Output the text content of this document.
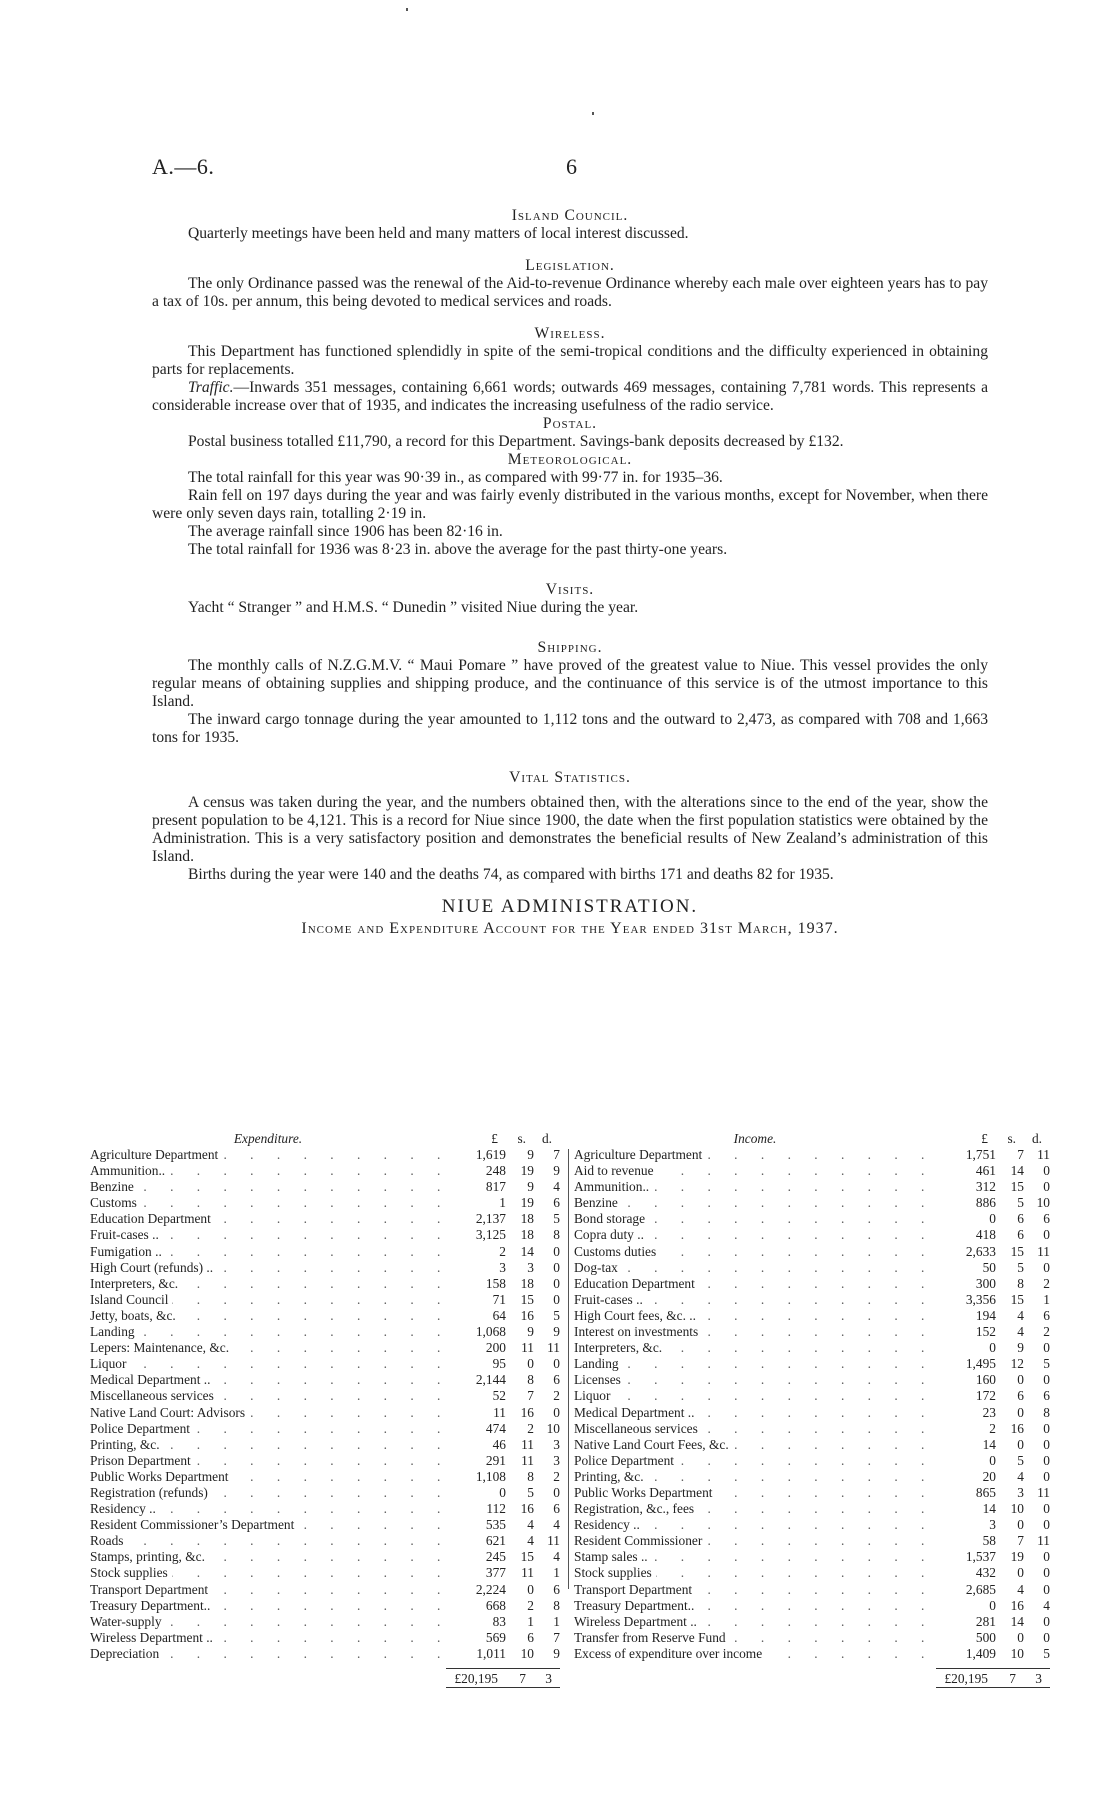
A.—6.	6

Island Council.

Quarterly meetings have been held and many matters of local interest discussed.

Legislation.

The only Ordinance passed was the renewal of the Aid-to-revenue Ordinance whereby each male over eighteen years has to pay a tax of 10s. per annum, this being devoted to medical services and roads.

Wireless.

This Department has functioned splendidly in spite of the semi-tropical conditions and the difficulty experienced in obtaining parts for replacements.

Traffic.—Inwards 351 messages, containing 6,661 words; outwards 469 messages, containing 7,781 words. This represents a considerable increase over that of 1935, and indicates the increasing usefulness of the radio service.

Postal.

Postal business totalled £11,790, a record for this Department. Savings-bank deposits decreased by £132.

Meteorological.

The total rainfall for this year was 90·39 in., as compared with 99·77 in. for 1935–36.

Rain fell on 197 days during the year and was fairly evenly distributed in the various months, except for November, when there were only seven days rain, totalling 2·19 in.

The average rainfall since 1906 has been 82·16 in.

The total rainfall for 1936 was 8·23 in. above the average for the past thirty-one years.

Visits.

Yacht “ Stranger ” and H.M.S. “ Dunedin ” visited Niue during the year.

Shipping.

The monthly calls of N.Z.G.M.V. “ Maui Pomare ” have proved of the greatest value to Niue. This vessel provides the only regular means of obtaining supplies and shipping produce, and the continuance of this service is of the utmost importance to this Island.

The inward cargo tonnage during the year amounted to 1,112 tons and the outward to 2,473, as compared with 708 and 1,663 tons for 1935.

Vital Statistics.

A census was taken during the year, and the numbers obtained then, with the alterations since to the end of the year, show the present population to be 4,121. This is a record for Niue since 1900, the date when the first population statistics were obtained by the Administration. This is a very satisfactory position and demonstrates the beneficial results of New Zealand’s administration of this Island.

Births during the year were 140 and the deaths 74, as compared with births 171 and deaths 82 for 1935.

NIUE ADMINISTRATION.

Income and Expenditure Account for the Year ended 31st March, 1937.

Expenditure.	£	s.	d.
Agriculture Department . . .	1,619	9	7
Ammunition.. . . .	248	19	9
Benzine . . .	817	9	4
Customs . . .	1	19	6
Education Department . . .	2,137	18	5
Fruit-cases .. . . .	3,125	18	8
Fumigation .. . . .	2	14	0
High Court (refunds) .. . . .	3	3	0
Interpreters, &c. . . .	158	18	0
Island Council . . .	71	15	0
Jetty, boats, &c. . . .	64	16	5
Landing . . .	1,068	9	9
Lepers: Maintenance, &c. . . .	200	11 11
Liquor . . .	95	0	0
Medical Department .. . . .	2,144	8	6
Miscellaneous services . . .	52	7	2
Native Land Court: Advisors . . .	11	16	0
Police Department . . .	474	2 10
Printing, &c. . . .	46	11	3
Prison Department . . .	291	11	3
Public Works Department . . .	1,108	8	2
Registration (refunds) . . .	0	5	0
Residency .. . . .	112	16	6
Resident Commissioner’s Department . . .	535	4	4
Roads . . .	621	4 11
Stamps, printing, &c. . . .	245	15	4
Stock supplies . . .	377	11	1
Transport Department . . .	2,224	0	6
Treasury Department.. . . .	668	2	8
Water-supply . . .	83	1	1
Wireless Department .. . . .	569	6	7
Depreciation . . .	1,011	10	9
£20,195	7	3
Income.	£	s.	d.
Agriculture Department . . .	1,751	7 11
Aid to revenue . . .	461	14	0
Ammunition.. . . .	312	15	0
Benzine . . .	886	5 10
Bond storage . . .	0	6	6
Copra duty .. . . .	418	6	0
Customs duties . . .	2,633	15 11
Dog-tax . . .	50	5	0
Education Department . . .	300	8	2
Fruit-cases .. . . .	3,356	15	1
High Court fees, &c. .. . . .	194	4	6
Interest on investments . . .	152	4	2
Interpreters, &c. . . .	0	9	0
Landing . . .	1,495	12	5
Licenses . . .	160	0	0
Liquor . . .	172	6	6
Medical Department .. . . .	23	0	8
Miscellaneous services . . .	2	16	0
Native Land Court Fees, &c. . . .	14	0	0
Police Department . . .	0	5	0
Printing, &c. . . .	20	4	0
Public Works Department . . .	865	3 11
Registration, &c., fees . . .	14	10	0
Residency .. . . .	3	0	0
Resident Commissioner . . .	58	7 11
Stamp sales .. . . .	1,537	19	0
Stock supplies . . .	432	0	0
Transport Department . . .	2,685	4	0
Treasury Department.. . . .	0	16	4
Wireless Department .. . . .	281	14	0
Transfer from Reserve Fund . . .	500	0	0
Excess of expenditure over income . . .	1,409	10	5
£20,195	7	3
